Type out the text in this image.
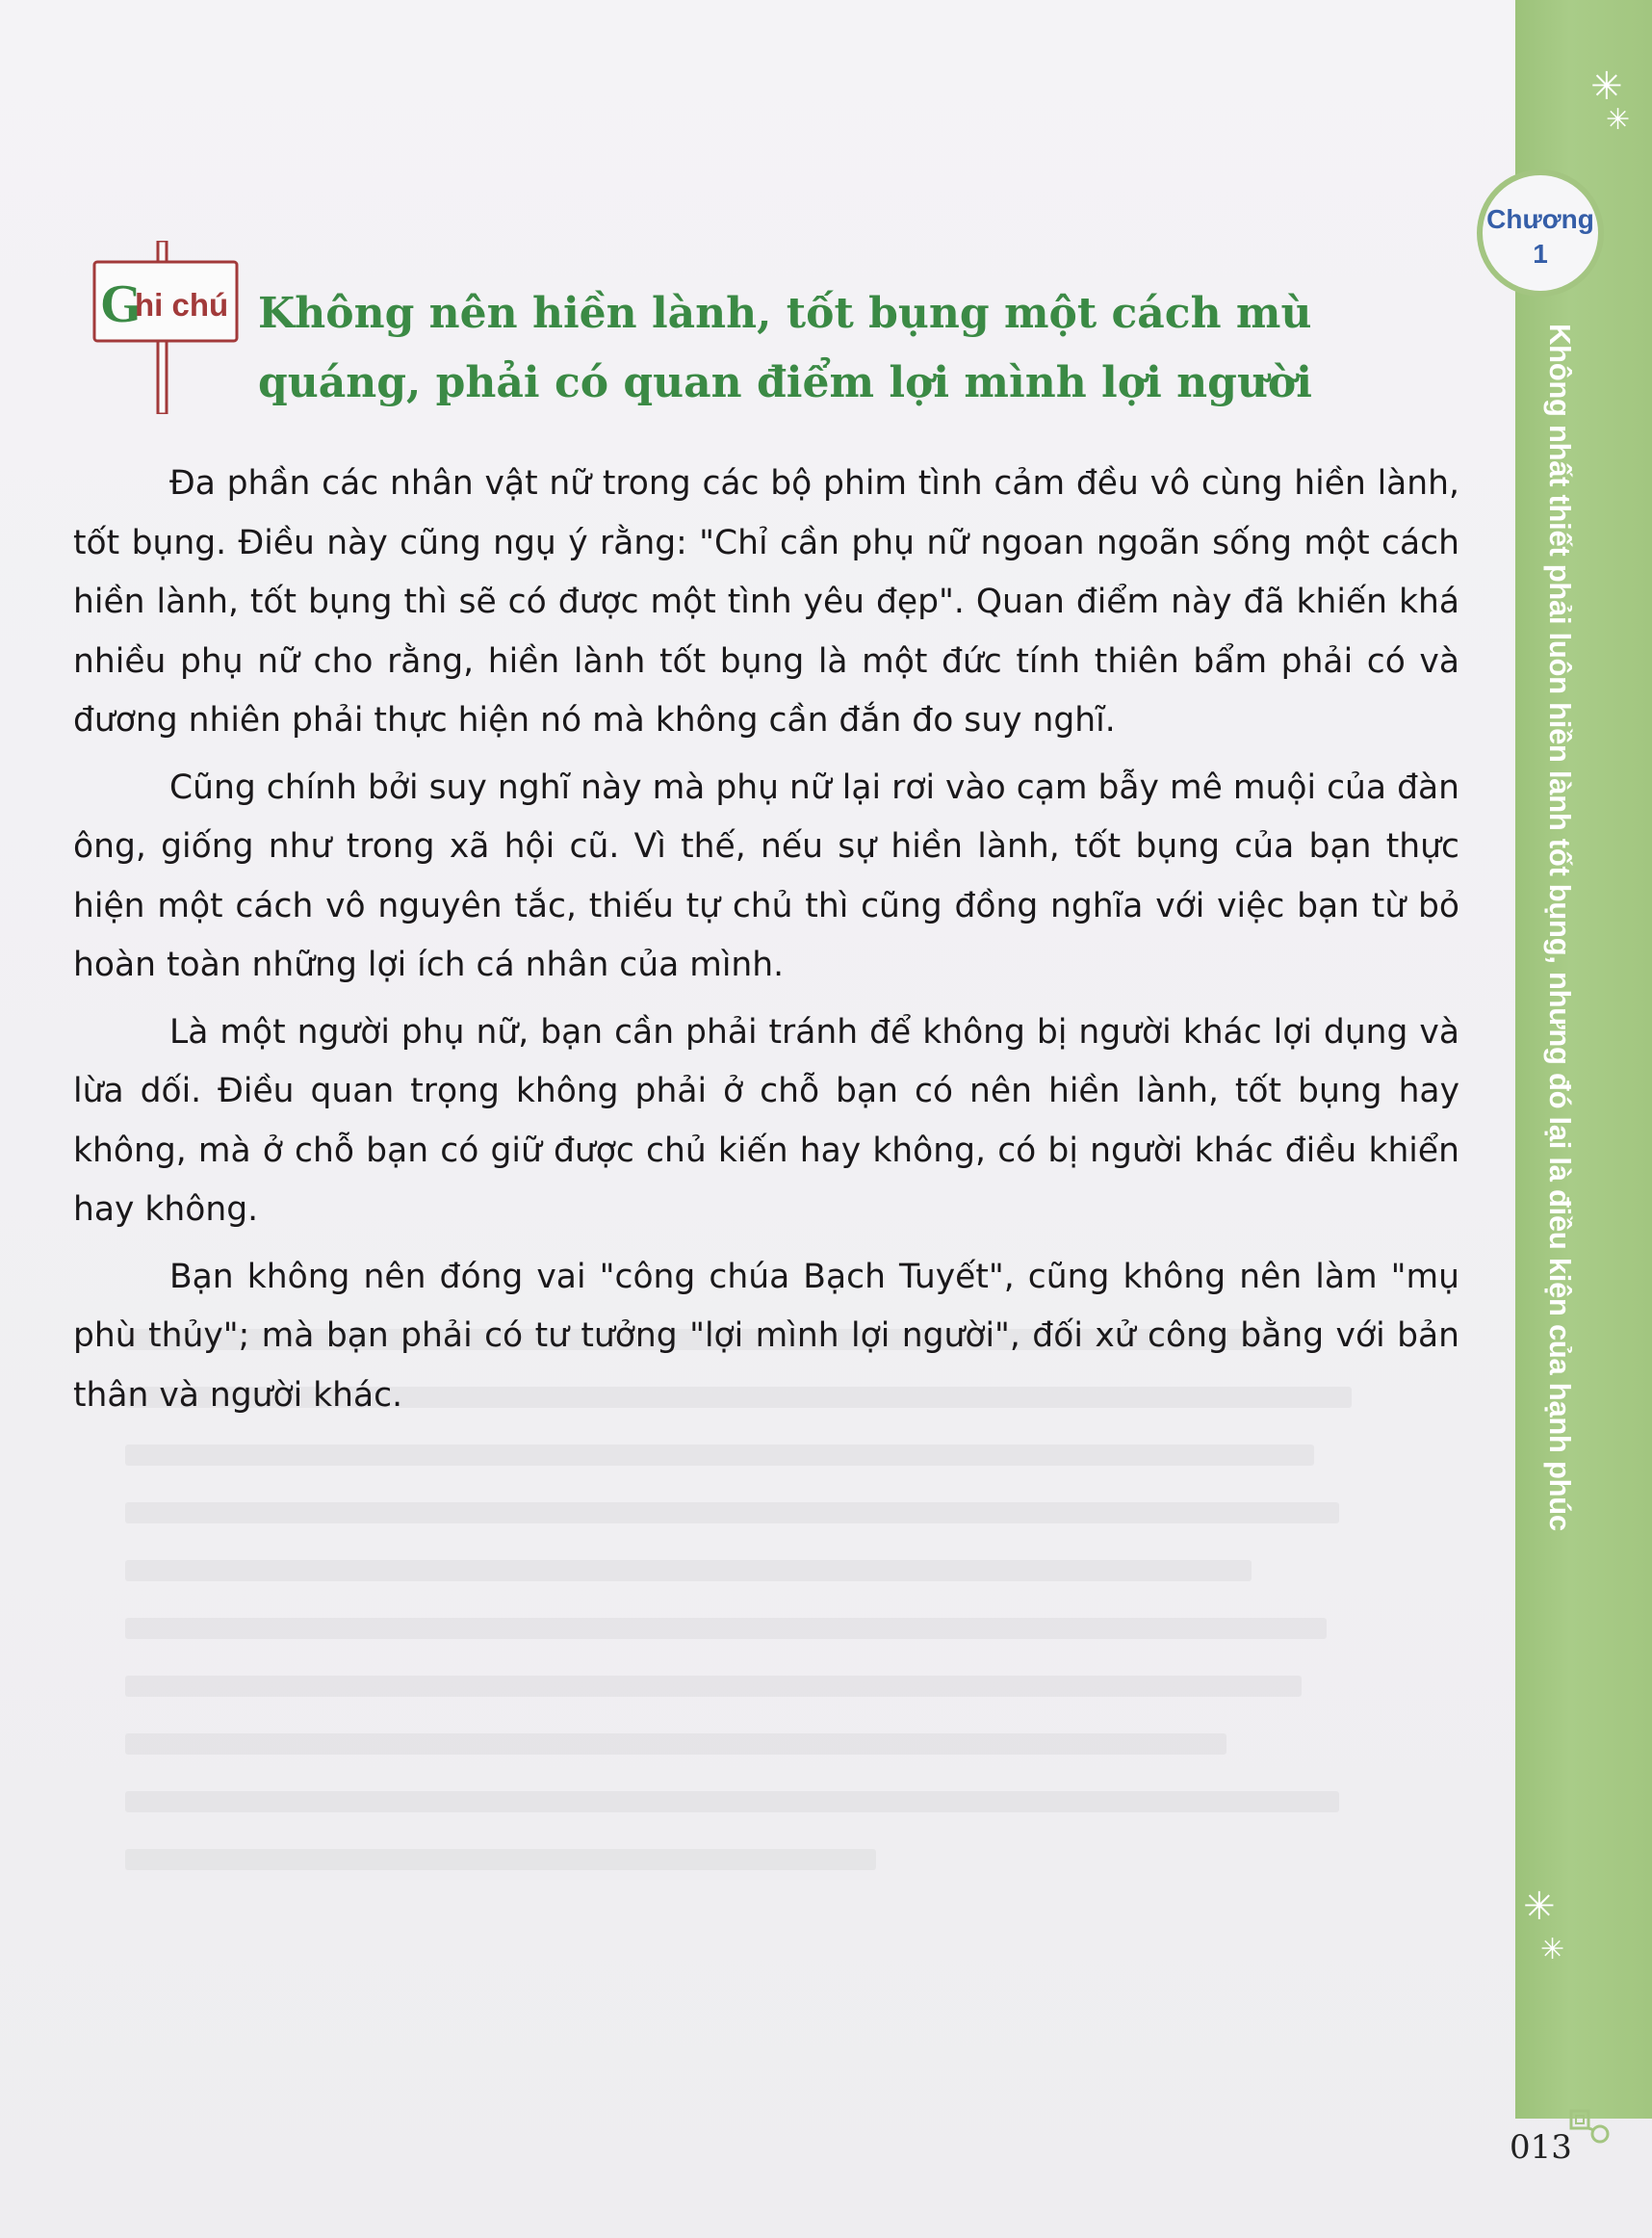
✳
✳
✳
✳
Chương
1
Không nhất thiết phải luôn hiền lành tốt bụng, nhưng đó lại là điều kiện của hạnh phúc
G
hi chú Không nên hiền lành, tốt bụng một cách mù quáng, phải có quan điểm lợi mình lợi người

Đa phần các nhân vật nữ trong các bộ phim tình cảm đều vô cùng hiền lành, tốt bụng. Điều này cũng ngụ ý rằng: "Chỉ cần phụ nữ ngoan ngoãn sống một cách hiền lành, tốt bụng thì sẽ có được một tình yêu đẹp". Quan điểm này đã khiến khá nhiều phụ nữ cho rằng, hiền lành tốt bụng là một đức tính thiên bẩm phải có và đương nhiên phải thực hiện nó mà không cần đắn đo suy nghĩ.

Cũng chính bởi suy nghĩ này mà phụ nữ lại rơi vào cạm bẫy mê muội của đàn ông, giống như trong xã hội cũ. Vì thế, nếu sự hiền lành, tốt bụng của bạn thực hiện một cách vô nguyên tắc, thiếu tự chủ thì cũng đồng nghĩa với việc bạn từ bỏ hoàn toàn những lợi ích cá nhân của mình.

Là một người phụ nữ, bạn cần phải tránh để không bị người khác lợi dụng và lừa dối. Điều quan trọng không phải ở chỗ bạn có nên hiền lành, tốt bụng hay không, mà ở chỗ bạn có giữ được chủ kiến hay không, có bị người khác điều khiển hay không.

Bạn không nên đóng vai "công chúa Bạch Tuyết", cũng không nên làm "mụ phù thủy"; mà bạn phải có tư tưởng "lợi mình lợi người", đối xử công bằng với bản thân và người khác.

013
